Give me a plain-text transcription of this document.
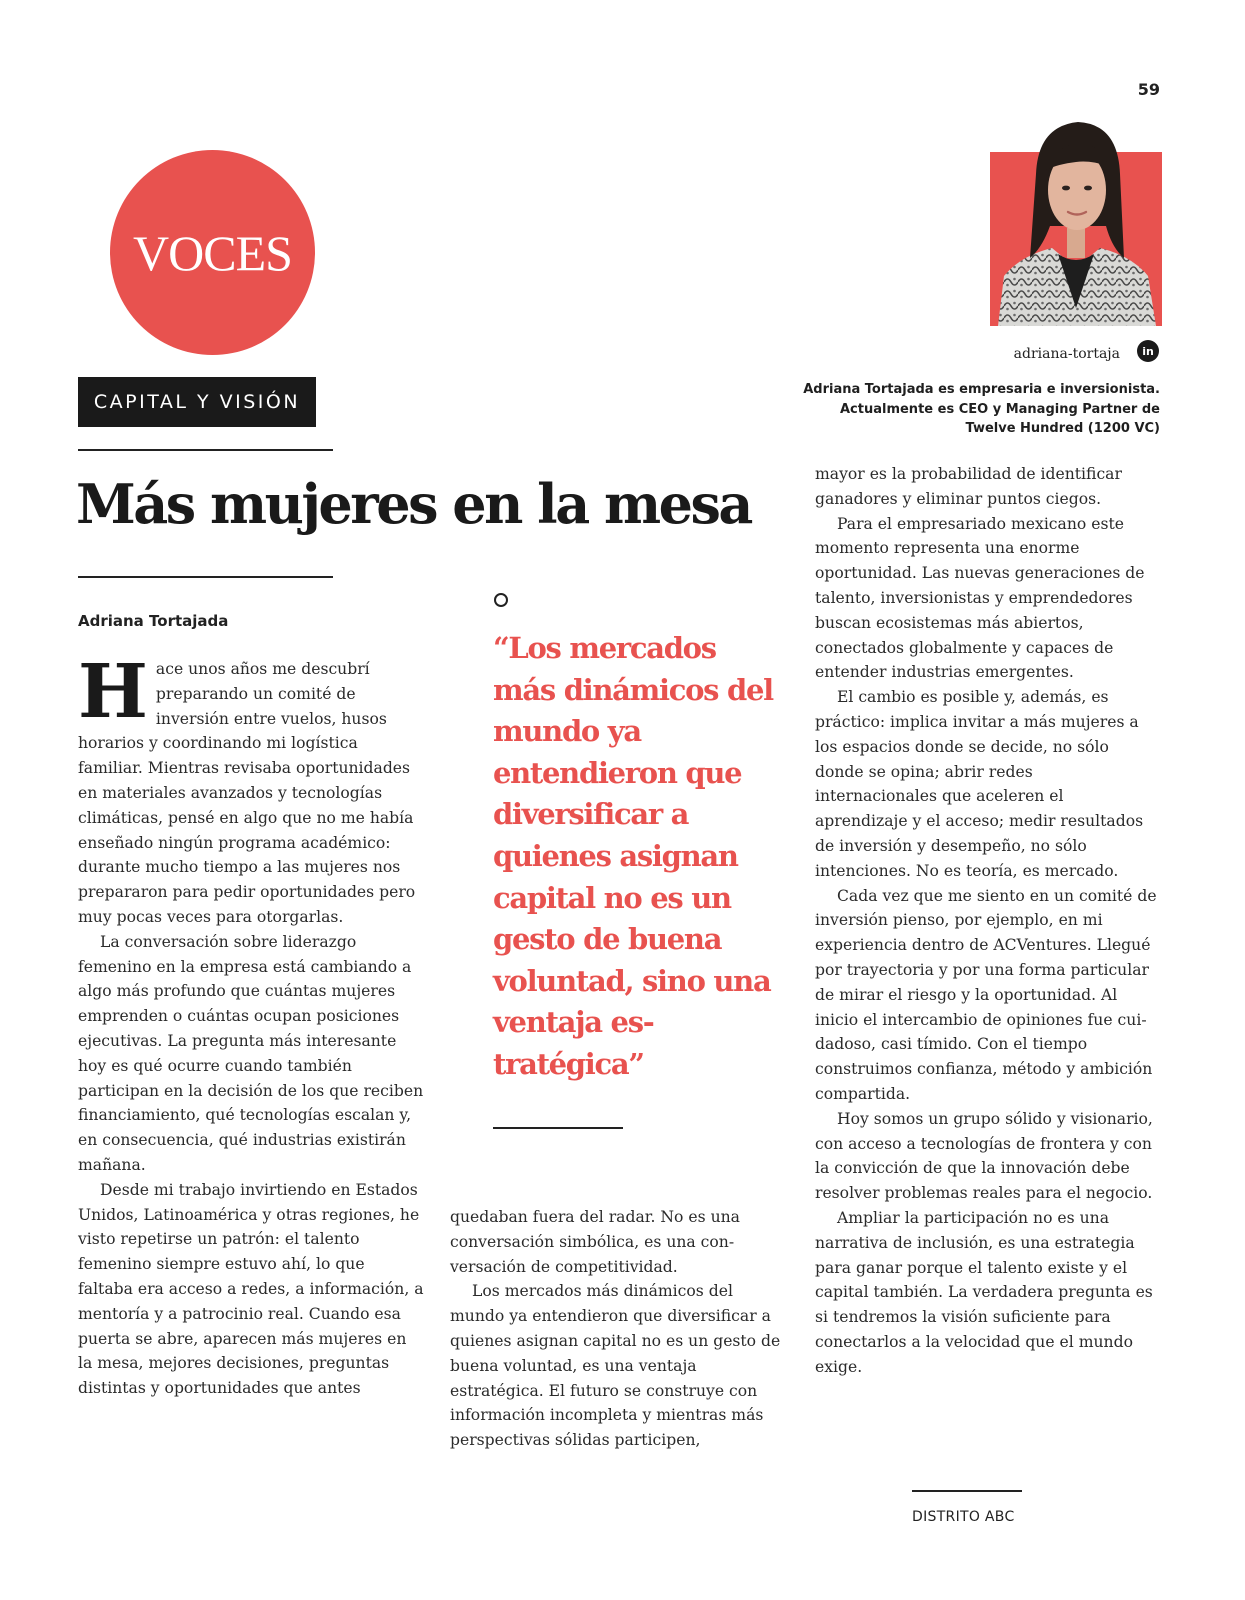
59
VOCES
CAPITAL Y VISIÓN
Más mujeres en la mesa
Adriana Tortajada

Hace unos años me descubrí preparando un comité de inversión entre vuelos, husos horarios y coordinando mi logística familiar. Mientras revisaba oportunidades en materiales avanzados y tecnologías climáticas, pensé en algo que no me había enseñado ningún programa académico: durante mucho tiempo a las mujeres nos prepararon para pedir oportunidades pero muy pocas veces para otorgarlas.

La conversación sobre liderazgo femenino en la empresa está cambiando a algo más profundo que cuántas mujeres emprenden o cuántas ocupan posiciones ejecutivas. La pregunta más interesante hoy es qué ocurre cuando también participan en la decisión de los que reciben financiamiento, qué tecnologías escalan y, en consecuencia, qué industrias existirán mañana.

Desde mi trabajo invirtiendo en Estados Unidos, Latinoamérica y otras regiones, he visto repetirse un patrón: el talento femenino siempre estuvo ahí, lo que faltaba era acceso a redes, a información, a mentoría y a patrocinio real. Cuando esa puerta se abre, aparecen más mujeres en la mesa, mejores decisiones, preguntas distintas y oportunidades que antes

“Los mercados más dinámicos del mundo ya entendieron que diversificar a quienes asignan capital no es un gesto de buena voluntad, sino una ventaja estratégica”

quedaban fuera del radar. No es una conversación simbólica, es una conversación de competitividad.

Los mercados más dinámicos del mundo ya entendieron que diversificar a quienes asignan capital no es un gesto de buena voluntad, es una ventaja estratégica. El futuro se construye con información incompleta y mientras más perspectivas sólidas participen,

adriana-tortaja	in
Adriana Tortajada es empresaria e inversionista. Actualmente es CEO y Managing Partner de Twelve Hundred (1200 VC)

mayor es la probabilidad de identificar ganadores y eliminar puntos ciegos.

Para el empresariado mexicano este momento representa una enorme oportunidad. Las nuevas generaciones de talento, inversionistas y emprendedores buscan ecosistemas más abiertos, conectados globalmente y capaces de entender industrias emergentes.

El cambio es posible y, además, es práctico: implica invitar a más mujeres a los espacios donde se decide, no sólo donde se opina; abrir redes internacionales que aceleren el aprendizaje y el acceso; medir resultados de inversión y desempeño, no sólo intenciones. No es teoría, es mercado.

Cada vez que me siento en un comité de inversión pienso, por ejemplo, en mi experiencia dentro de ACVentures. Llegué por trayectoria y por una forma particular de mirar el riesgo y la oportunidad. Al inicio el intercambio de opiniones fue cuidadoso, casi tímido. Con el tiempo construimos confianza, método y ambición compartida.

Hoy somos un grupo sólido y visionario, con acceso a tecnologías de frontera y con la convicción de que la innovación debe resolver problemas reales para el negocio.

Ampliar la participación no es una narrativa de inclusión, es una estrategia para ganar porque el talento existe y el capital también. La verdadera pregunta es si tendremos la visión suficiente para conectarlos a la velocidad que el mundo exige.

DISTRITO ABC
